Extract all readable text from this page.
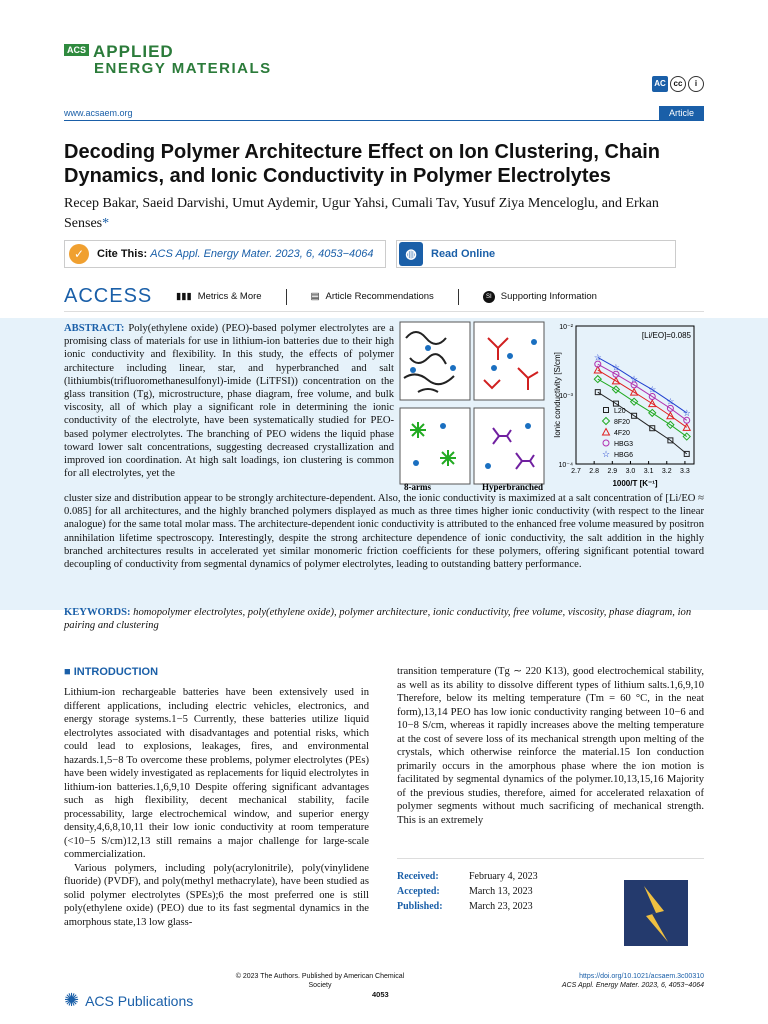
ACS APPLIED
ENERGY MATERIALS
AC cc	i
www.acsaem.org	Article
Decoding Polymer Architecture Effect on Ion Clustering, Chain Dynamics, and Ionic Conductivity in Polymer Electrolytes
Recep Bakar, Saeid Darvishi, Umut Aydemir, Ugur Yahsi, Cumali Tav, Yusuf Ziya Menceloglu, and Erkan Senses*
✓	Cite This:
ACS Appl. Energy Mater. 2023, 6, 4053−4064	◍	Read Online
ACCESS	▮▮▮ Metrics & More	▤ Article Recommendations	SI Supporting Information
ABSTRACT: Poly(ethylene oxide) (PEO)-based polymer electrolytes are a promising class of materials for use in lithium-ion batteries due to their high ionic conductivity and flexibility. In this study, the effects of polymer architecture including linear, star, and hyperbranched and salt (lithiumbis(trifluoromethanesulfonyl)-imide (LiTFSI)) concentration on the glass transition (Tg), microstructure, phase diagram, free volume, and bulk viscosity, all of which play a significant role in determining the ionic conductivity of the electrolyte, have been systematically studied for PEO-based polymer electrolytes. The branching of PEO widens the liquid phase toward lower salt concentrations, suggesting decreased crystallization and improved ion coordination. At high salt loadings, ion clustering is common for all electrolytes, yet the
cluster size and distribution appear to be strongly architecture-dependent. Also, the ionic conductivity is maximized at a salt concentration of [Li/EO ≈ 0.085] for all architectures, and the highly branched polymers displayed as much as three times higher ionic conductivity (with respect to the linear analogue) for the same total molar mass. The architecture-dependent ionic conductivity is attributed to the enhanced free volume measured by positron annihilation lifetime spectroscopy. Interestingly, despite the strong architecture dependence of ionic conductivity, the salt addition in the highly branched architectures results in accelerated yet similar monomeric friction coefficients for these polymers, offering significant potential toward decoupling of conductivity from segmental dynamics of polymer electrolytes, leading to outstanding battery performance.
8-arms	Hyperbranched
2.7 2.8 2.9 3.0 3.1 3.2 3.3
10⁻²
10⁻³
10⁻⁴
1000/T [K⁻¹]
Ionic conductivity [S/cm]
[Li/EO]=0.085
L20
8F20
4F20
HBG3
☆
☆
☆
☆
☆
☆
☆ HBG6
KEYWORDS: homopolymer electrolytes, poly(ethylene oxide), polymer architecture, ionic conductivity, free volume, viscosity, phase diagram, ion pairing and clustering
■ INTRODUCTION

Lithium-ion rechargeable batteries have been extensively used in different applications, including electric vehicles, electronics, and energy storage systems.1−5 Currently, these batteries utilize liquid electrolytes associated with disadvantages and potential risks, which could lead to explosions, leakages, fires, and environmental hazards.1,5−8 To overcome these problems, polymer electrolytes (PEs) have been widely investigated as replacements for liquid electrolytes in lithium-ion batteries.1,6,9,10 Despite offering significant advantages such as high flexibility, decent mechanical stability, facile processability, large electrochemical window, and superior energy density,4,6,8,10,11 their low ionic conductivity at room temperature (<10−5 S/cm)12,13 still remains a major challenge for large-scale commercialization.

Various polymers, including poly(acrylonitrile), poly(vinylidene fluoride) (PVDF), and poly(methyl methacrylate), have been studied as solid polymer electrolytes (SPEs);6 the most preferred one is still poly(ethylene oxide) (PEO) due to its fast segmental dynamics in the amorphous state,13 low glass-

transition temperature (Tg ∼ 220 K13), good electrochemical stability, as well as its ability to dissolve different types of lithium salts.1,6,9,10 Therefore, below its melting temperature (Tm = 60 °C, in the neat form),13,14 PEO has low ionic conductivity ranging between 10−6 and 10−8 S/cm, whereas it rapidly increases above the melting temperature at the cost of severe loss of its mechanical strength upon melting of the crystals, which otherwise reinforce the material.15 Ion conduction primarily occurs in the amorphous phase where the ion motion is facilitated by segmental dynamics of the polymer.10,13,15,16 Majority of the previous studies, therefore, aimed for accelerated relaxation of polymer segments without much sacrificing of mechanical strength. This is an extremely
Received:	February 4, 2023
Accepted:	March 13, 2023
Published:	March 23, 2023
✺ ACS Publications
© 2023 The Authors. Published by American Chemical Society
4053
https://doi.org/10.1021/acsaem.3c00310
ACS Appl. Energy Mater. 2023, 6, 4053−4064
